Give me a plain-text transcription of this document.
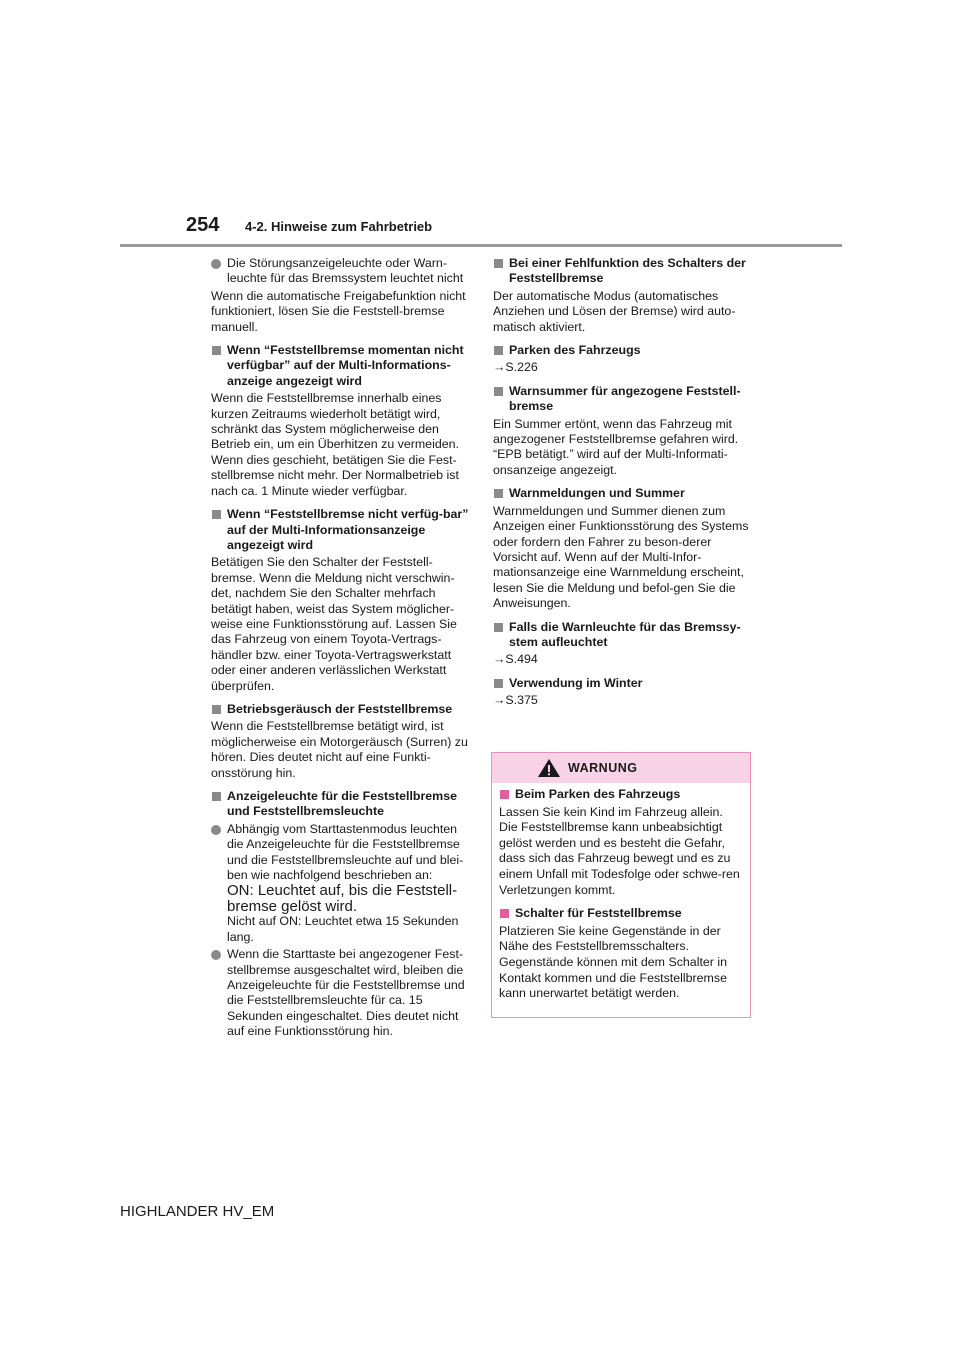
254 4-2. Hinweise zum Fahrbetrieb
Die Störungsanzeigeleuchte oder Warn-leuchte für das Bremssystem leuchtet nicht
Wenn die automatische Freigabefunktion nicht funktioniert, lösen Sie die Feststell-bremse manuell.
Wenn “Feststellbremse momentan nicht verfügbar” auf der Multi-Informations-anzeige angezeigt wird
Wenn die Feststellbremse innerhalb eines kurzen Zeitraums wiederholt betätigt wird, schränkt das System möglicherweise den Betrieb ein, um ein Überhitzen zu vermeiden. Wenn dies geschieht, betätigen Sie die Fest-stellbremse nicht mehr. Der Normalbetrieb ist nach ca. 1 Minute wieder verfügbar.
Wenn “Feststellbremse nicht verfüg-bar” auf der Multi-Informationsanzeige angezeigt wird
Betätigen Sie den Schalter der Feststell-bremse. Wenn die Meldung nicht verschwin-det, nachdem Sie den Schalter mehrfach betätigt haben, weist das System möglicher-weise eine Funktionsstörung auf. Lassen Sie das Fahrzeug von einem Toyota-Vertrags-händler bzw. einer Toyota-Vertragswerkstatt oder einer anderen verlässlichen Werkstatt überprüfen.
Betriebsgeräusch der Feststellbremse
Wenn die Feststellbremse betätigt wird, ist möglicherweise ein Motorgeräusch (Surren) zu hören. Dies deutet nicht auf eine Funkti-onsstörung hin.
Anzeigeleuchte für die Feststellbremse und Feststellbremsleuchte
Abhängig vom Starttastenmodus leuchten die Anzeigeleuchte für die Feststellbremse und die Feststellbremsleuchte auf und blei-ben wie nachfolgend beschrieben an:
ON: Leuchtet auf, bis die Feststell-bremse gelöst wird.
Nicht auf ON: Leuchtet etwa 15 Sekunden lang.
Wenn die Starttaste bei angezogener Fest-stellbremse ausgeschaltet wird, bleiben die Anzeigeleuchte für die Feststellbremse und die Feststellbremsleuchte für ca. 15 Sekunden eingeschaltet. Dies deutet nicht auf eine Funktionsstörung hin.
Bei einer Fehlfunktion des Schalters der Feststellbremse
Der automatische Modus (automatisches Anziehen und Lösen der Bremse) wird auto-matisch aktiviert.
Parken des Fahrzeugs
→S.226
Warnsummer für angezogene Feststell-bremse
Ein Summer ertönt, wenn das Fahrzeug mit angezogener Feststellbremse gefahren wird. “EPB betätigt.” wird auf der Multi-Informati-onsanzeige angezeigt.
Warnmeldungen und Summer
Warnmeldungen und Summer dienen zum Anzeigen einer Funktionsstörung des Systems oder fordern den Fahrer zu beson-derer Vorsicht auf. Wenn auf der Multi-Infor-mationsanzeige eine Warnmeldung erscheint, lesen Sie die Meldung und befol-gen Sie die Anweisungen.
Falls die Warnleuchte für das Bremssy-stem aufleuchtet
→S.494
Verwendung im Winter
→S.375
WARNUNG
Beim Parken des Fahrzeugs
Lassen Sie kein Kind im Fahrzeug allein. Die Feststellbremse kann unbeabsichtigt gelöst werden und es besteht die Gefahr, dass sich das Fahrzeug bewegt und es zu einem Unfall mit Todesfolge oder schwe-ren Verletzungen kommt.
Schalter für Feststellbremse
Platzieren Sie keine Gegenstände in der Nähe des Feststellbremsschalters. Gegenstände können mit dem Schalter in Kontakt kommen und die Feststellbremse kann unerwartet betätigt werden.
HIGHLANDER HV_EM
